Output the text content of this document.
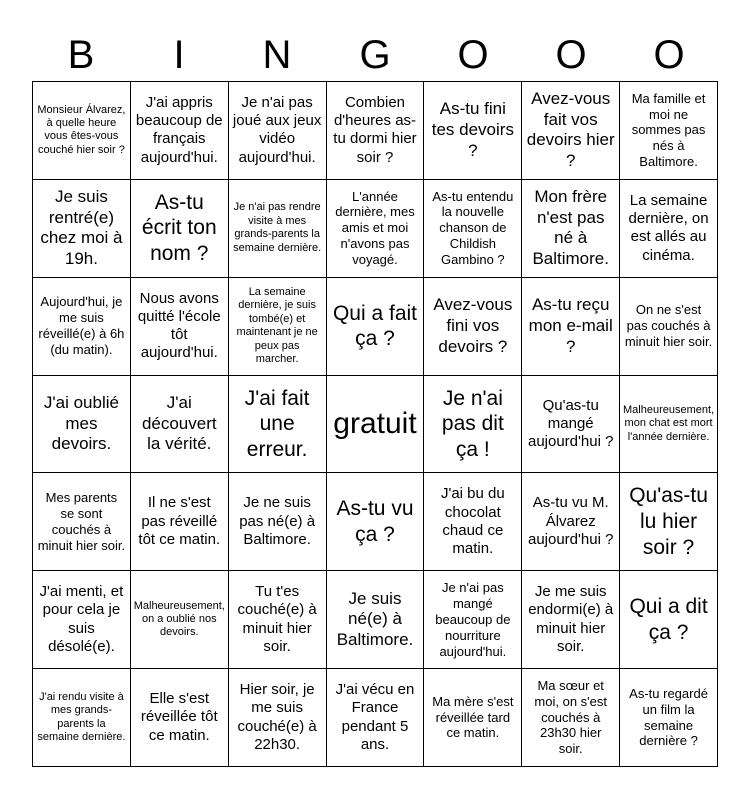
B	I	N	G	O	O	O
Monsieur Álvarez, à quelle heure vous êtes-vous couché hier soir ?
J'ai appris beaucoup de français aujourd'hui.
Je n'ai pas joué aux jeux vidéo aujourd'hui.
Combien d'heures as-tu dormi hier soir ?
As-tu fini tes devoirs ?
Avez-vous fait vos devoirs hier ?
Ma famille et moi ne sommes pas nés à Baltimore.
Je suis rentré(e) chez moi à 19h.
As-tu écrit ton nom ?
Je n'ai pas rendre visite à mes grands-parents la semaine dernière.
L'année dernière, mes amis et moi n'avons pas voyagé.
As-tu entendu la nouvelle chanson de Childish Gambino ?
Mon frère n'est pas né à Baltimore.
La semaine dernière, on est allés au cinéma.
Aujourd'hui, je me suis réveillé(e) à 6h (du matin).
Nous avons quitté l'école tôt aujourd'hui.
La semaine dernière, je suis tombé(e) et maintenant je ne peux pas marcher.
Qui a fait ça ?
Avez-vous fini vos devoirs ?
As-tu reçu mon e-mail ?
On ne s'est pas couchés à minuit hier soir.
J'ai oublié mes devoirs.
J'ai découvert la vérité.
J'ai fait une erreur.
gratuit
Je n'ai pas dit ça !
Qu'as-tu mangé aujourd'hui ?
Malheureusement, mon chat est mort l'année dernière.
Mes parents se sont couchés à minuit hier soir.
Il ne s'est pas réveillé tôt ce matin.
Je ne suis pas né(e) à Baltimore.
As-tu vu ça ?
J'ai bu du chocolat chaud ce matin.
As-tu vu M. Álvarez aujourd'hui ?
Qu'as-tu lu hier soir ?
J'ai menti, et pour cela je suis désolé(e).
Malheureusement, on a oublié nos devoirs.
Tu t'es couché(e) à minuit hier soir.
Je suis né(e) à Baltimore.
Je n'ai pas mangé beaucoup de nourriture aujourd'hui.
Je me suis endormi(e) à minuit hier soir.
Qui a dit ça ?
J'ai rendu visite à mes grands-parents la semaine dernière.
Elle s'est réveillée tôt ce matin.
Hier soir, je me suis couché(e) à 22h30.
J'ai vécu en France pendant 5 ans.
Ma mère s'est réveillée tard ce matin.
Ma sœur et moi, on s'est couchés à 23h30 hier soir.
As-tu regardé un film la semaine dernière ?
